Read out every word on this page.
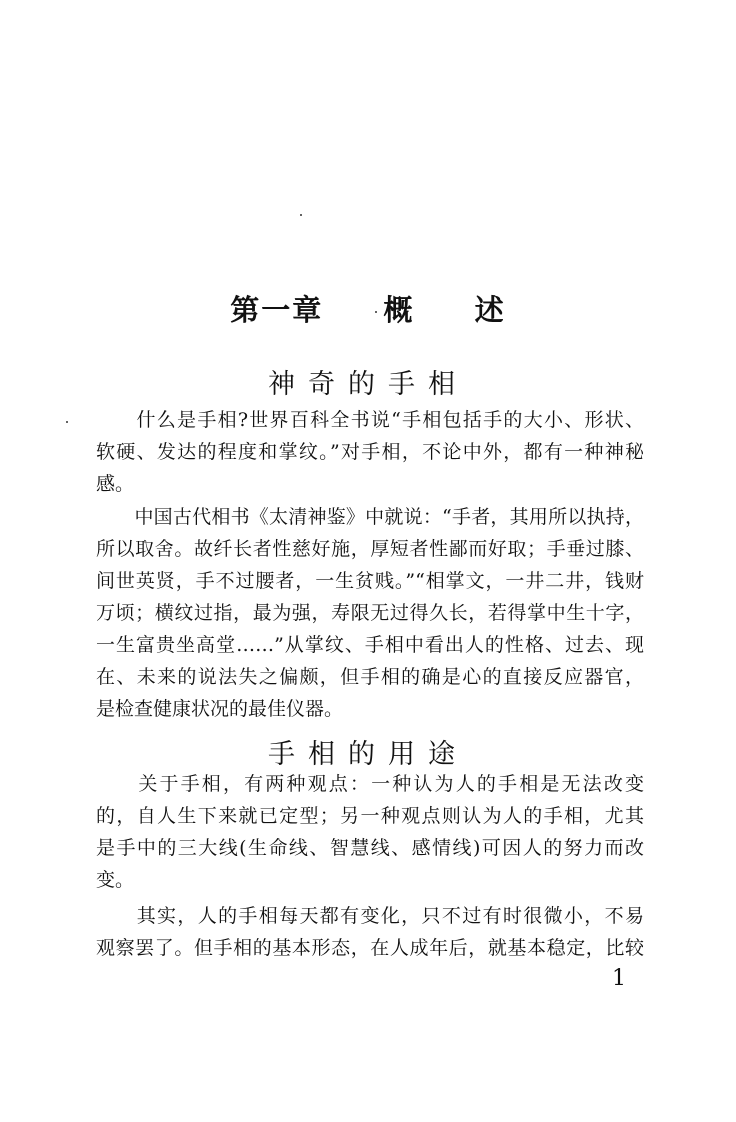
第一章  概  述
神奇的手相
　　什么是手相?世界百科全书说“手相包括手的大小、形状、
软硬、发达的程度和掌纹。”对手相，不论中外，都有一种神秘
感。
　　中国古代相书《太清神鉴》中就说：“手者，其用所以执持，
所以取舍。故纤长者性慈好施，厚短者性鄙而好取；手垂过膝、
间世英贤，手不过腰者，一生贫贱。”“相掌文，一井二井，钱财
万顷；横纹过指，最为强，寿限无过得久长，若得掌中生十字，
一生富贵坐高堂……”从掌纹、手相中看出人的性格、过去、现
在、未来的说法失之偏颇，但手相的确是心的直接反应器官，
是检查健康状况的最佳仪器。
手相的用途
　　关于手相，有两种观点：一种认为人的手相是无法改变
的，自人生下来就已定型；另一种观点则认为人的手相，尤其
是手中的三大线(生命线、智慧线、感情线)可因人的努力而改
变。
　　其实，人的手相每天都有变化，只不过有时很微小，不易
观察罢了。但手相的基本形态，在人成年后，就基本稳定，比较
1
